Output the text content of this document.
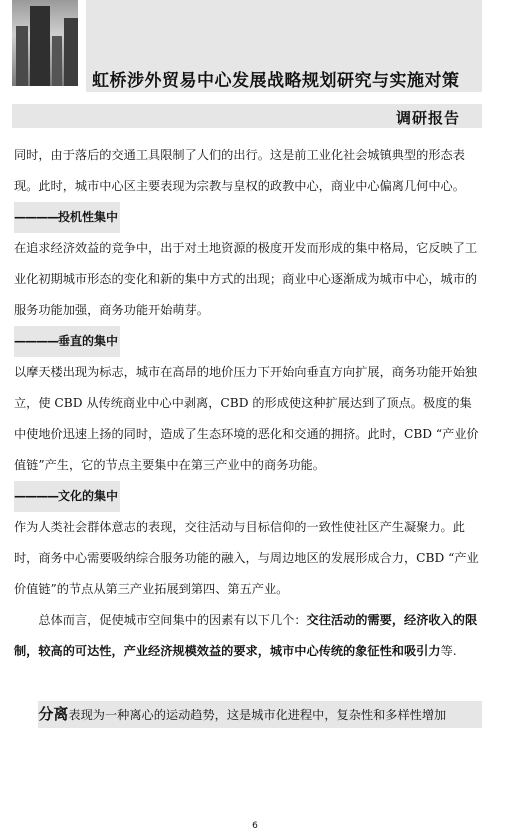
虹桥涉外贸易中心发展战略规划研究与实施对策
调研报告

同时，由于落后的交通工具限制了人们的出行。这是前工业化社会城镇典型的形态表现。此时，城市中心区主要表现为宗教与皇权的政教中心，商业中心偏离几何中心。

————投机性集中

在追求经济效益的竞争中，出于对土地资源的极度开发而形成的集中格局，它反映了工业化初期城市形态的变化和新的集中方式的出现；商业中心逐渐成为城市中心，城市的服务功能加强，商务功能开始萌芽。

————垂直的集中

以摩天楼出现为标志，城市在高昂的地价压力下开始向垂直方向扩展，商务功能开始独立，使 CBD 从传统商业中心中剥离，CBD 的形成使这种扩展达到了顶点。极度的集中使地价迅速上扬的同时，造成了生态环境的恶化和交通的拥挤。此时，CBD “产业价值链”产生，它的节点主要集中在第三产业中的商务功能。

————文化的集中

作为人类社会群体意志的表现，交往活动与目标信仰的一致性使社区产生凝聚力。此时，商务中心需要吸纳综合服务功能的融入，与周边地区的发展形成合力，CBD “产业价值链”的节点从第三产业拓展到第四、第五产业。

总体而言，促使城市空间集中的因素有以下几个：交往活动的需要，经济收入的限制，较高的可达性，产业经济规模效益的要求，城市中心传统的象征性和吸引力等.

分离表现为一种离心的运动趋势，这是城市化进程中，复杂性和多样性增加

6
